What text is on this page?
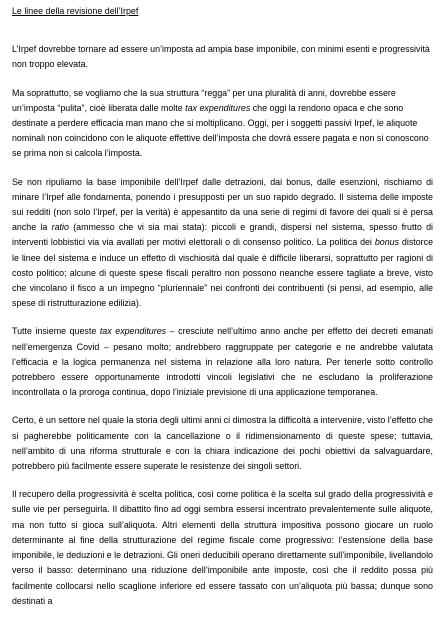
Le linee della revisione dell’Irpef

L’Irpef dovrebbe tornare ad essere un’imposta ad ampia base imponibile, con minimi esenti e progressività non troppo elevata.

Ma soprattutto, se vogliamo che la sua struttura “regga” per una pluralità di anni, dovrebbe essere un’imposta “pulita”, cioè liberata dalle molte tax expenditures che oggi la rendono opaca e che sono destinate a perdere efficacia man mano che si moltiplicano. Oggi, per i soggetti passivi Irpef, le aliquote nominali non coincidono con le aliquote effettive dell’imposta che dovrà essere pagata e non si conoscono se prima non si calcola l’imposta.

Se non ripuliamo la base imponibile dell’Irpef dalle detrazioni, dai bonus, dalle esenzioni, rischiamo di minare l’Irpef alle fondamenta, ponendo i presupposti per un suo rapido degrado. Il sistema delle imposte sui redditi (non solo l’Irpef, per la verità) è appesantito da una serie di regimi di favore dei quali si è persa anche la ratio (ammesso che vi sia mai stata): piccoli e grandi, dispersi nel sistema, spesso frutto di interventi lobbistici via via avallati per motivi elettorali o di consenso politico. La politica dei bonus distorce le linee del sistema e induce un effetto di vischiosità dal quale è difficile liberarsi, soprattutto per ragioni di costo politico; alcune di queste spese fiscali peraltro non possono neanche essere tagliate a breve, visto che vincolano il fisco a un impegno “pluriennale” nei confronti dei contribuenti (si pensi, ad esempio, alle spese di ristrutturazione edilizia).

Tutte insieme queste tax expenditures – cresciute nell’ultimo anno anche per effetto dei decreti emanati nell’emergenza Covid – pesano molto; andrebbero raggruppate per categorie e ne andrebbe valutata l’efficacia e la logica permanenza nel sistema in relazione alla loro natura. Per tenerle sotto controllo potrebbero essere opportunamente introdotti vincoli legislativi che ne escludano la proliferazione incontrollata o la proroga continua, dopo l’iniziale previsione di una applicazione temporanea.

Certo, è un settore nel quale la storia degli ultimi anni ci dimostra la difficoltà a intervenire, visto l’effetto che si pagherebbe politicamente con la cancellazione o il ridimensionamento di queste spese; tuttavia, nell’ambito di una riforma strutturale e con la chiara indicazione dei pochi obiettivi da salvaguardare, potrebbero più facilmente essere superate le resistenze dei singoli settori.

Il recupero della progressività è scelta politica, così come politica è la scelta sul grado della progressività e sulle vie per perseguirla. Il dibattito fino ad oggi sembra essersi incentrato prevalentemente sulle aliquote, ma non tutto si gioca sull’aliquota. Altri elementi della struttura impositiva possono giocare un ruolo determinante al fine della strutturazione del regime fiscale come progressivo: l’estensione della base imponibile, le deduzioni e le detrazioni. Gli oneri deducibili operano direttamente sull’imponibile, livellandolo verso il basso: determinano una riduzione dell’imponibile ante imposte, così che il reddito possa più facilmente collocarsi nello scaglione inferiore ed essere tassato con un’aliquota più bassa; dunque sono destinati a
